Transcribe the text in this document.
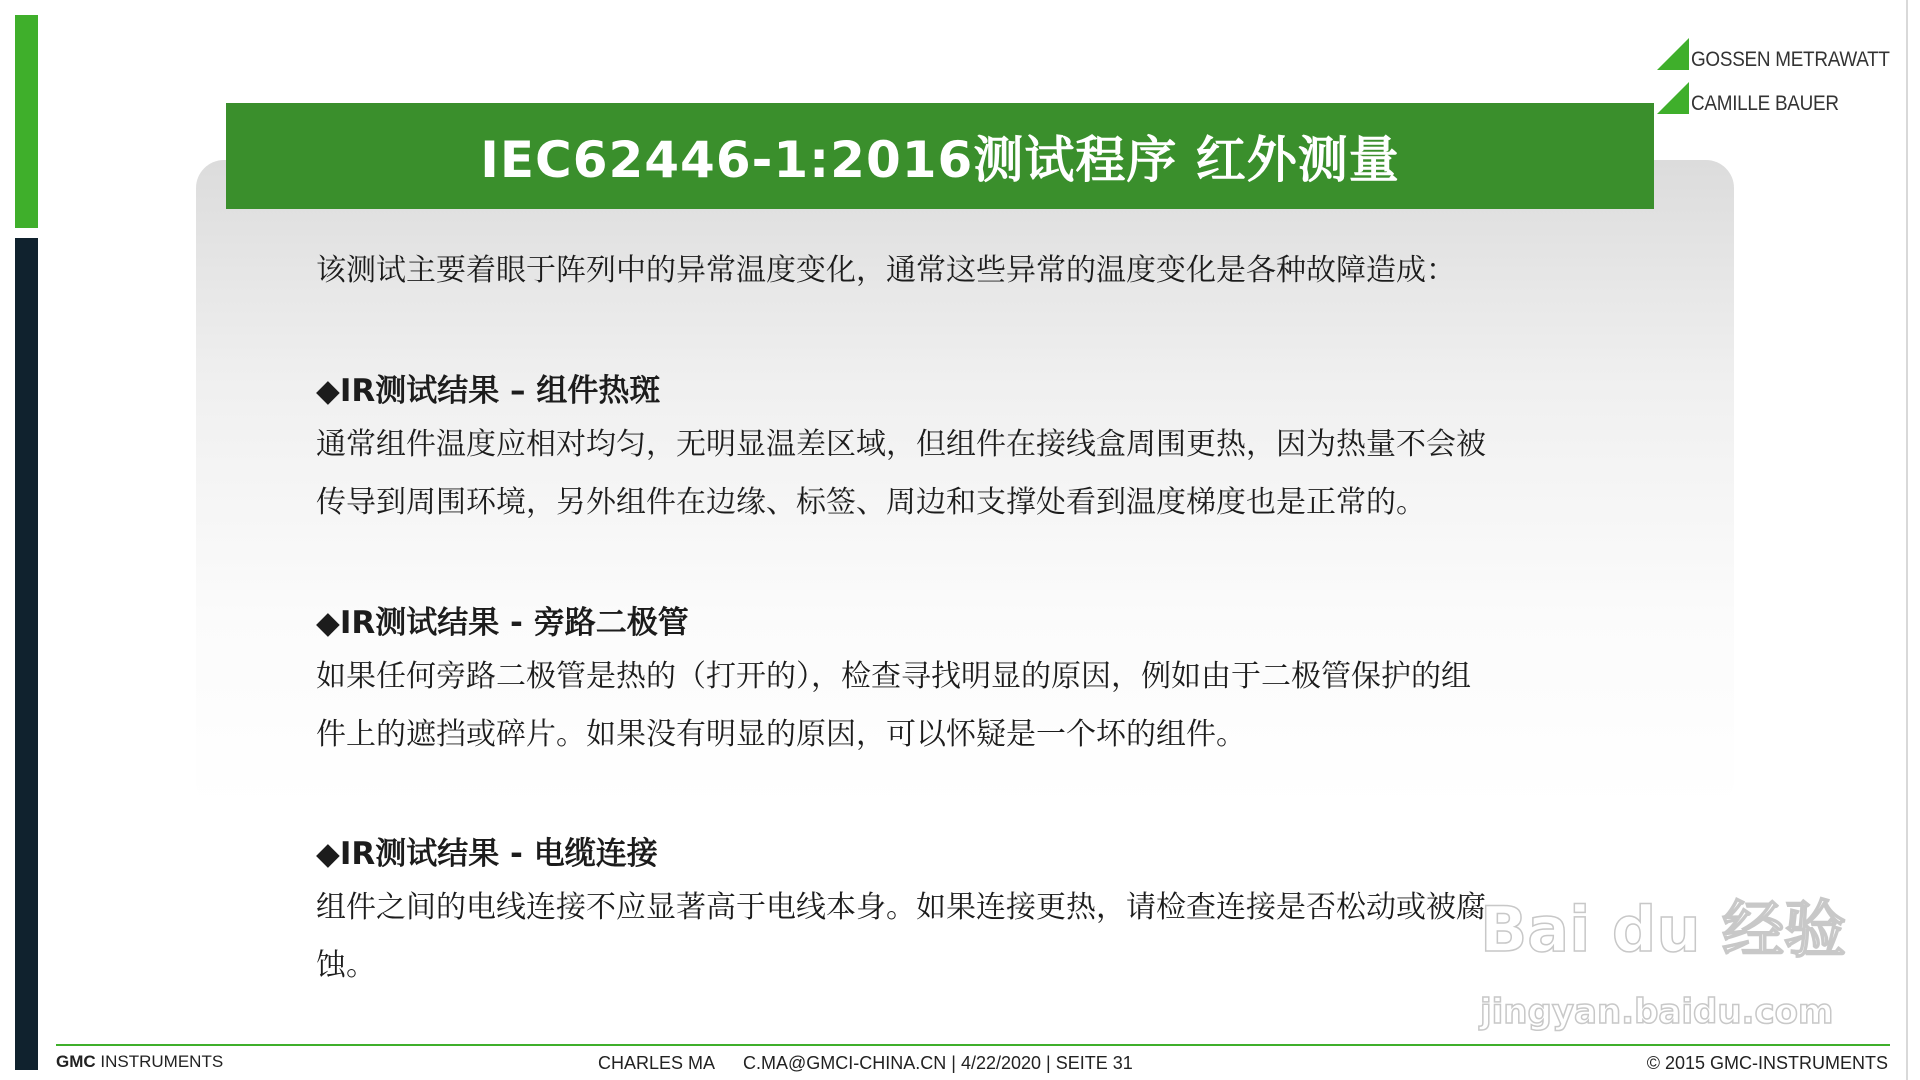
GOSSEN METRAWATT
CAMILLE BAUER
IEC62446-1:2016测试程序 红外测量
该测试主要着眼于阵列中的异常温度变化，通常这些异常的温度变化是各种故障造成：
◆IR测试结果 – 组件热斑
通常组件温度应相对均匀，无明显温差区域，但组件在接线盒周围更热，因为热量不会被
传导到周围环境，另外组件在边缘、标签、周边和支撑处看到温度梯度也是正常的。
◆IR测试结果 - 旁路二极管
如果任何旁路二极管是热的（打开的），检查寻找明显的原因，例如由于二极管保护的组
件上的遮挡或碎片。如果没有明显的原因，可以怀疑是一个坏的组件。
◆IR测试结果 - 电缆连接
组件之间的电线连接不应显著高于电线本身。如果连接更热，请检查连接是否松动或被腐
蚀。	Bai du 经验
jingyan.baidu.com
GMC INSTRUMENTS	CHARLES MA C.MA@GMCI-CHINA.CN | 4/22/2020 | SEITE 31	© 2015 GMC-INSTRUMENTS
